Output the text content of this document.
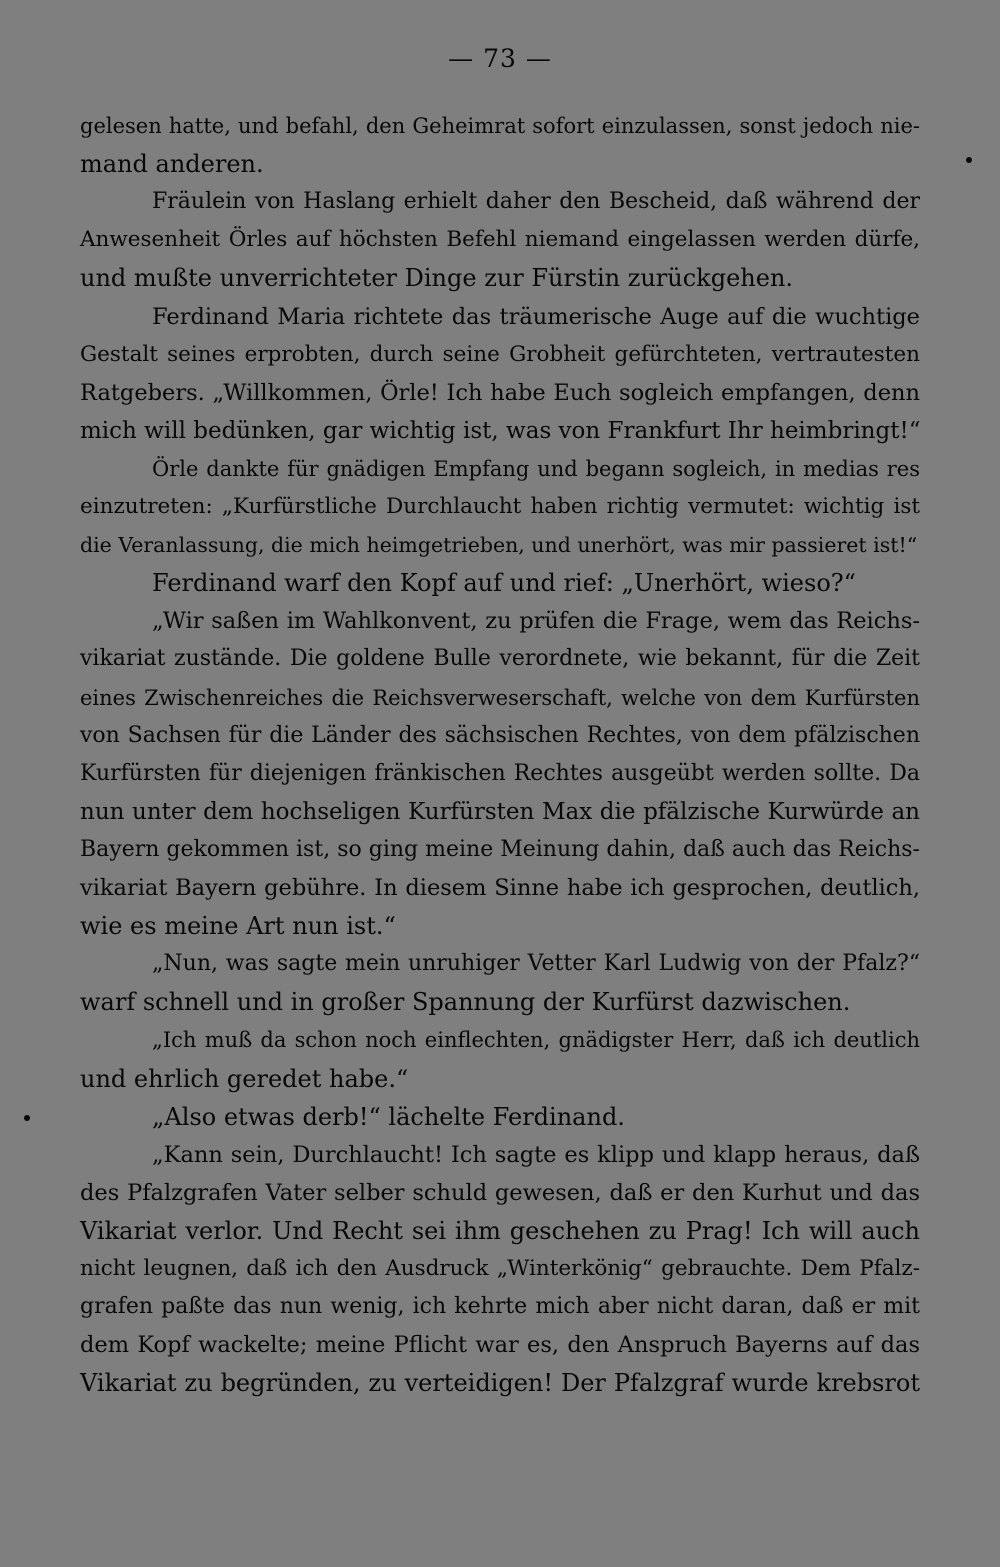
— 73 —
gelesen hatte, und befahl, den Geheimrat sofort einzulassen, sonst jedoch nie-
mand anderen.
Fräulein von Haslang erhielt daher den Bescheid, daß während der
Anwesenheit Örles auf höchsten Befehl niemand eingelassen werden dürfe,
und mußte unverrichteter Dinge zur Fürstin zurückgehen.
Ferdinand Maria richtete das träumerische Auge auf die wuchtige
Gestalt seines erprobten, durch seine Grobheit gefürchteten, vertrautesten
Ratgebers. „Willkommen, Örle! Ich habe Euch sogleich empfangen, denn
mich will bedünken, gar wichtig ist, was von Frankfurt Ihr heimbringt!“
Örle dankte für gnädigen Empfang und begann sogleich, in medias res
einzutreten: „Kurfürstliche Durchlaucht haben richtig vermutet: wichtig ist
die Veranlassung, die mich heimgetrieben, und unerhört, was mir passieret ist!“
Ferdinand warf den Kopf auf und rief: „Unerhört, wieso?“
„Wir saßen im Wahlkonvent, zu prüfen die Frage, wem das Reichs-
vikariat zuständе. Die goldene Bulle verordnete, wie bekannt, für die Zeit
eines Zwischenreiches die Reichsverweserschaft, welche von dem Kurfürsten
von Sachsen für die Länder des sächsischen Rechtes, von dem pfälzischen
Kurfürsten für diejenigen fränkischen Rechtes ausgeübt werden sollte. Da
nun unter dem hochseligen Kurfürsten Max die pfälzische Kurwürde an
Bayern gekommen ist, so ging meine Meinung dahin, daß auch das Reichs-
vikariat Bayern gebühre. In diesem Sinne habe ich gesprochen, deutlich,
wie es meine Art nun ist.“
„Nun, was sagte mein unruhiger Vetter Karl Ludwig von der Pfalz?“
warf schnell und in großer Spannung der Kurfürst dazwischen.
„Ich muß da schon noch einflechten, gnädigster Herr, daß ich deutlich
und ehrlich geredet habe.“
„Also etwas derb!“ lächelte Ferdinand.
„Kann sein, Durchlaucht! Ich sagte es klipp und klapp heraus, daß
des Pfalzgrafen Vater selber schuld gewesen, daß er den Kurhut und das
Vikariat verlor. Und Recht sei ihm geschehen zu Prag! Ich will auch
nicht leugnen, daß ich den Ausdruck „Winterkönig“ gebrauchte. Dem Pfalz-
grafen paßte das nun wenig, ich kehrte mich aber nicht daran, daß er mit
dem Kopf wackelte; meine Pflicht war es, den Anspruch Bayerns auf das
Vikariat zu begründen, zu verteidigen! Der Pfalzgraf wurde krebsrot
